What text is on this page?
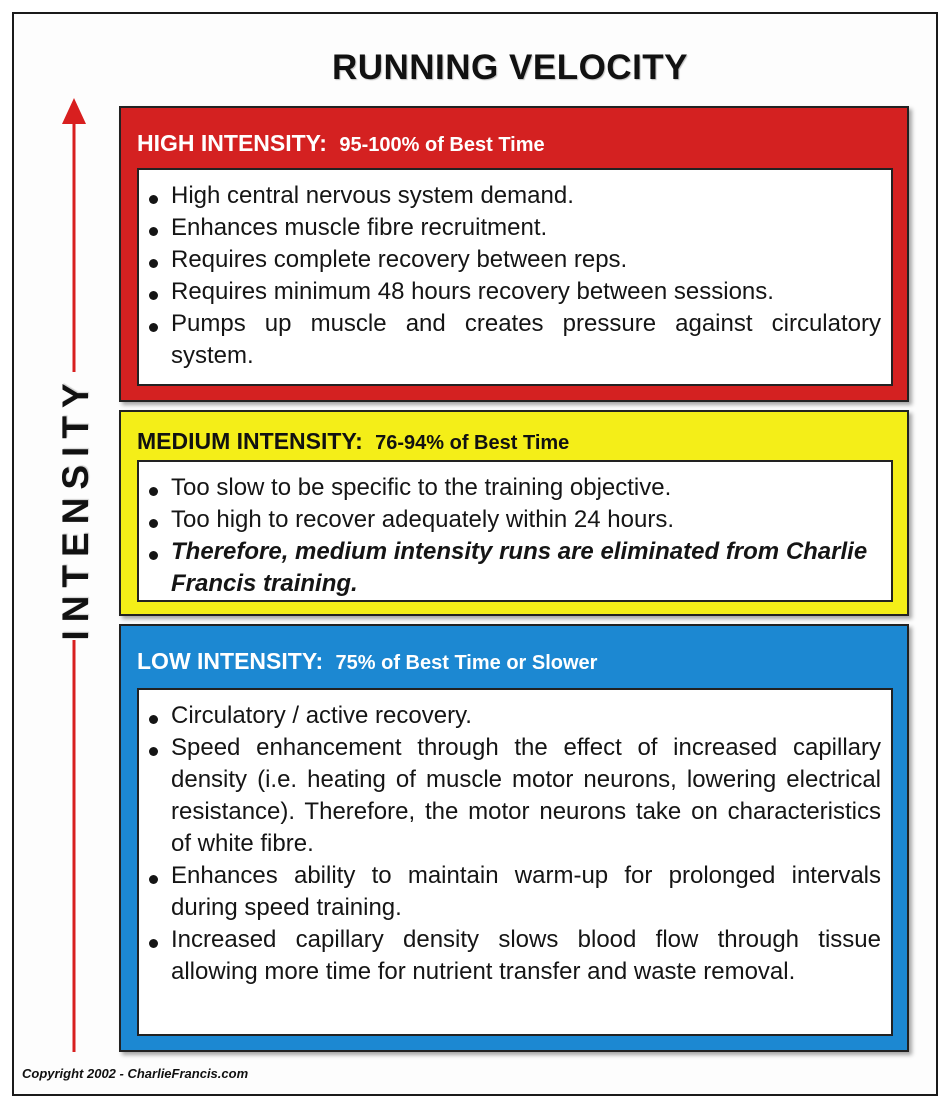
RUNNING VELOCITY
INTENSITY
HIGH INTENSITY: 95-100% of Best Time
High central nervous system demand.
Enhances muscle fibre recruitment.
Requires complete recovery between reps.
Requires minimum 48 hours recovery between sessions.
Pumps up muscle and creates pressure against circulatory system.
MEDIUM INTENSITY: 76-94% of Best Time
Too slow to be specific to the training objective.
Too high to recover adequately within 24 hours.
Therefore, medium intensity runs are eliminated from Charlie Francis training.
LOW INTENSITY: 75% of Best Time or Slower
Circulatory / active recovery.
Speed enhancement through the effect of increased capillary density (i.e. heating of muscle motor neurons, lowering electrical resistance). Therefore, the motor neurons take on characteristics of white fibre.
Enhances ability to maintain warm-up for prolonged intervals during speed training.
Increased capillary density slows blood flow through tissue allowing more time for nutrient transfer and waste removal.
Copyright 2002 - CharlieFrancis.com
